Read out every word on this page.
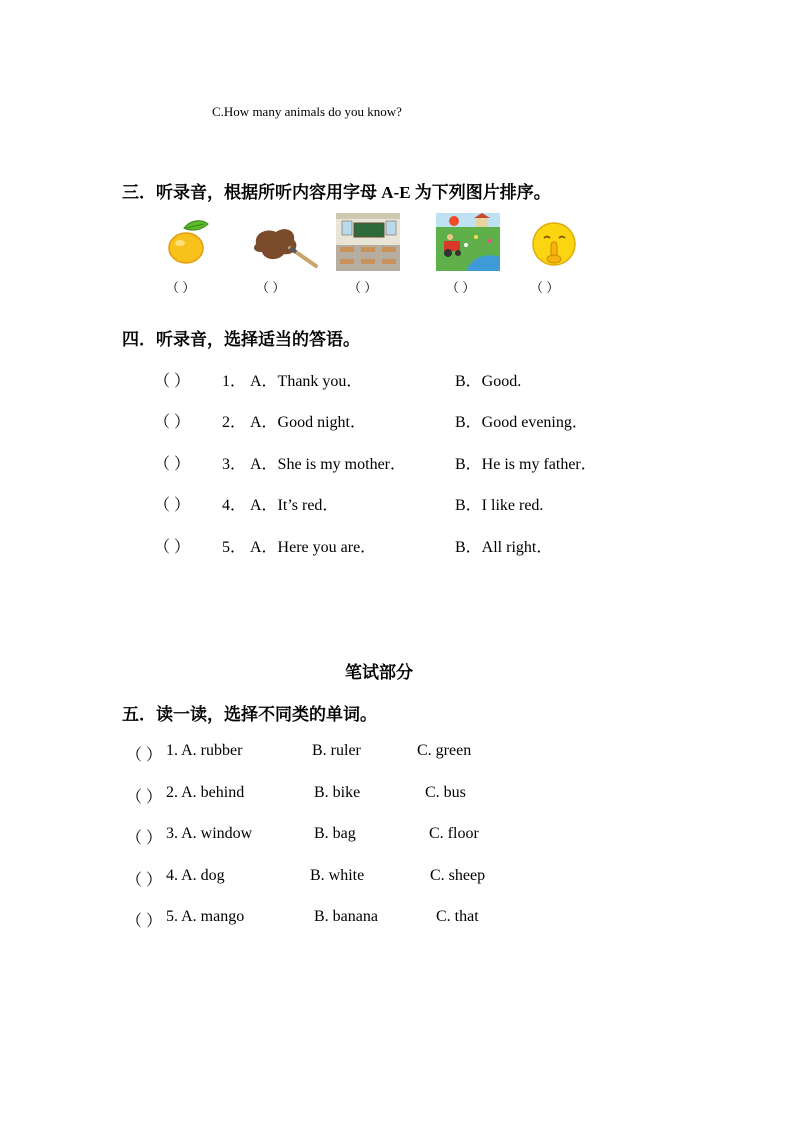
C.How many animals do you know?
三．听录音，根据所听内容用字母 A-E 为下列图片排序。
（ ）	（ ）	（ ）	（ ）	（ ）
四．听录音，选择适当的答语。
（ ） 1． A．Thank you．	B．Good.
（ ） 2． A．Good night．	B．Good evening．
（ ） 3． A．She is my mother．	B．He is my father．
（ ） 4． A．It’s red．	B．I like red.
（ ） 5． A．Here you are．	B．All right．
笔试部分
五．读一读，选择不同类的单词。
（ ） 1. A. rubber	B. ruler	C. green
（ ） 2. A. behind	B. bike	C. bus
（ ） 3. A. window	B. bag	C. floor
（ ） 4. A. dog	B. white	C. sheep
（ ） 5. A. mango	B. banana	C. that
